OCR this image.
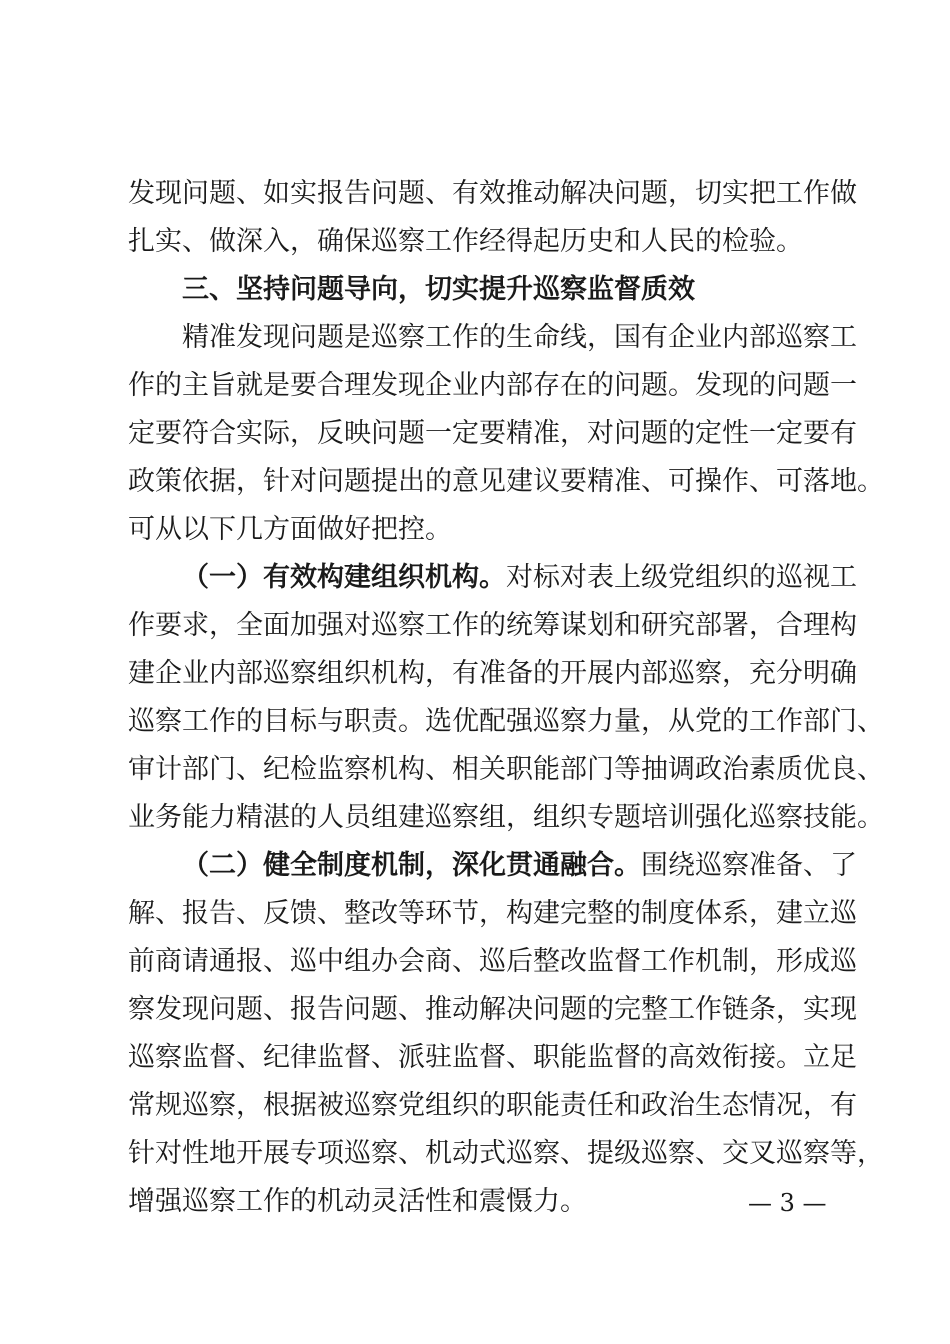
发现问题、如实报告问题、有效推动解决问题，切实把工作做
扎实、做深入，确保巡察工作经得起历史和人民的检验。
三、坚持问题导向，切实提升巡察监督质效
精准发现问题是巡察工作的生命线，国有企业内部巡察工
作的主旨就是要合理发现企业内部存在的问题。发现的问题一
定要符合实际，反映问题一定要精准，对问题的定性一定要有
政策依据，针对问题提出的意见建议要精准、可操作、可落地。
可从以下几方面做好把控。
（一）有效构建组织机构。对标对表上级党组织的巡视工
作要求，全面加强对巡察工作的统筹谋划和研究部署，合理构
建企业内部巡察组织机构，有准备的开展内部巡察，充分明确
巡察工作的目标与职责。选优配强巡察力量，从党的工作部门、
审计部门、纪检监察机构、相关职能部门等抽调政治素质优良、
业务能力精湛的人员组建巡察组，组织专题培训强化巡察技能。
（二）健全制度机制，深化贯通融合。围绕巡察准备、了
解、报告、反馈、整改等环节，构建完整的制度体系，建立巡
前商请通报、巡中组办会商、巡后整改监督工作机制，形成巡
察发现问题、报告问题、推动解决问题的完整工作链条，实现
巡察监督、纪律监督、派驻监督、职能监督的高效衔接。立足
常规巡察，根据被巡察党组织的职能责任和政治生态情况，有
针对性地开展专项巡察、机动式巡察、提级巡察、交叉巡察等，
增强巡察工作的机动灵活性和震慑力。	— 3 —
